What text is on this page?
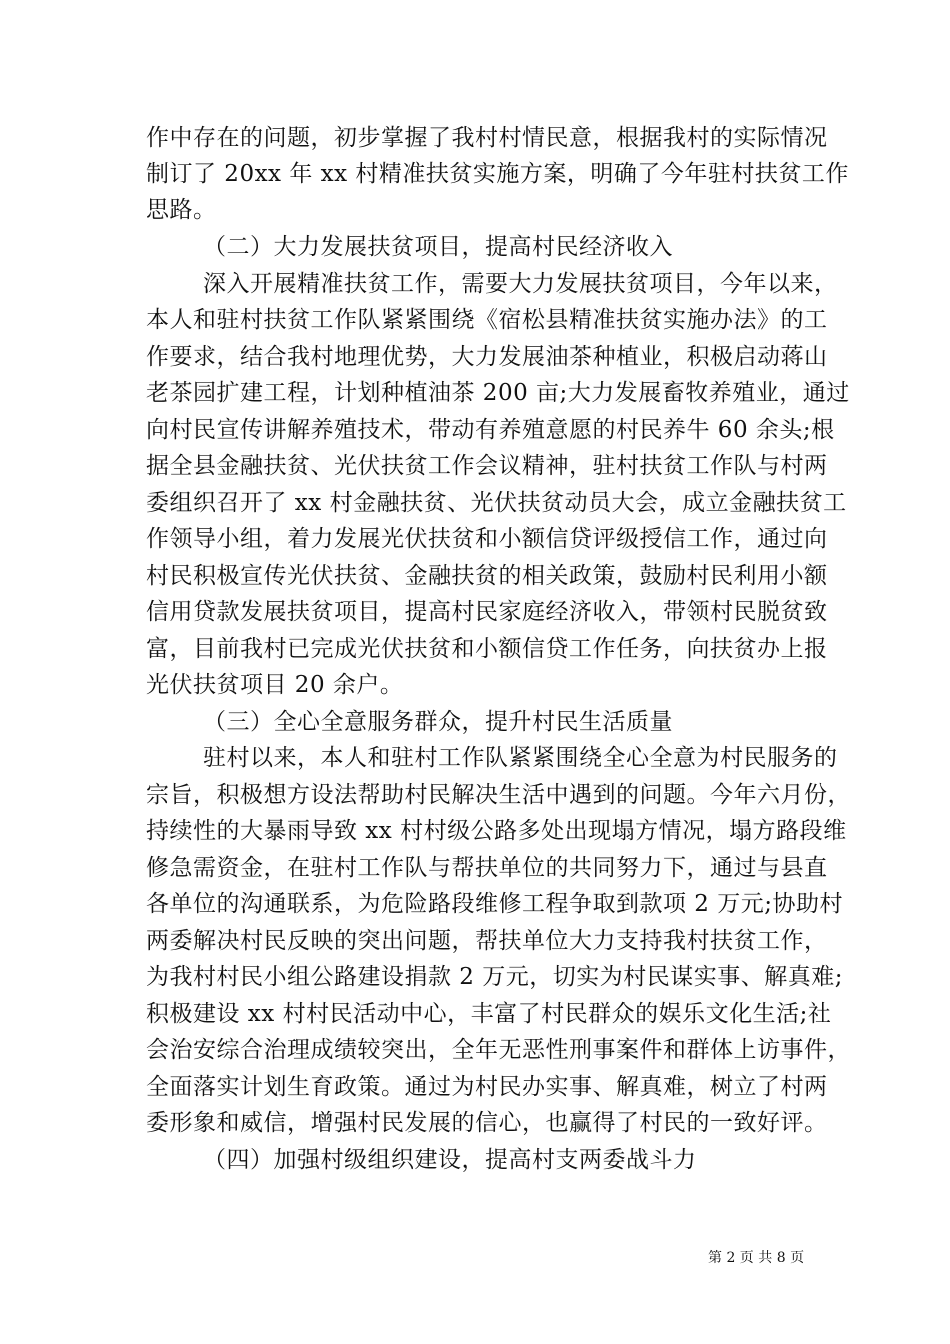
作中存在的问题，初步掌握了我村村情民意，根据我村的实际情况
制订了 20xx 年 xx 村精准扶贫实施方案，明确了今年驻村扶贫工作
思路。
（二）大力发展扶贫项目，提高村民经济收入
深入开展精准扶贫工作，需要大力发展扶贫项目，今年以来，
本人和驻村扶贫工作队紧紧围绕《宿松县精准扶贫实施办法》的工
作要求，结合我村地理优势，大力发展油茶种植业，积极启动蒋山
老茶园扩建工程，计划种植油茶 200 亩;大力发展畜牧养殖业，通过
向村民宣传讲解养殖技术，带动有养殖意愿的村民养牛 60 余头;根
据全县金融扶贫、光伏扶贫工作会议精神，驻村扶贫工作队与村两
委组织召开了 xx 村金融扶贫、光伏扶贫动员大会，成立金融扶贫工
作领导小组，着力发展光伏扶贫和小额信贷评级授信工作，通过向
村民积极宣传光伏扶贫、金融扶贫的相关政策，鼓励村民利用小额
信用贷款发展扶贫项目，提高村民家庭经济收入，带领村民脱贫致
富，目前我村已完成光伏扶贫和小额信贷工作任务，向扶贫办上报
光伏扶贫项目 20 余户。
（三）全心全意服务群众，提升村民生活质量
驻村以来，本人和驻村工作队紧紧围绕全心全意为村民服务的
宗旨，积极想方设法帮助村民解决生活中遇到的问题。今年六月份，
持续性的大暴雨导致 xx 村村级公路多处出现塌方情况，塌方路段维
修急需资金，在驻村工作队与帮扶单位的共同努力下，通过与县直
各单位的沟通联系，为危险路段维修工程争取到款项 2 万元;协助村
两委解决村民反映的突出问题，帮扶单位大力支持我村扶贫工作，
为我村村民小组公路建设捐款 2 万元，切实为村民谋实事、解真难;
积极建设 xx 村村民活动中心，丰富了村民群众的娱乐文化生活;社
会治安综合治理成绩较突出，全年无恶性刑事案件和群体上访事件，
全面落实计划生育政策。通过为村民办实事、解真难，树立了村两
委形象和威信，增强村民发展的信心，也赢得了村民的一致好评。
（四）加强村级组织建设，提高村支两委战斗力
第 2 页 共 8 页
